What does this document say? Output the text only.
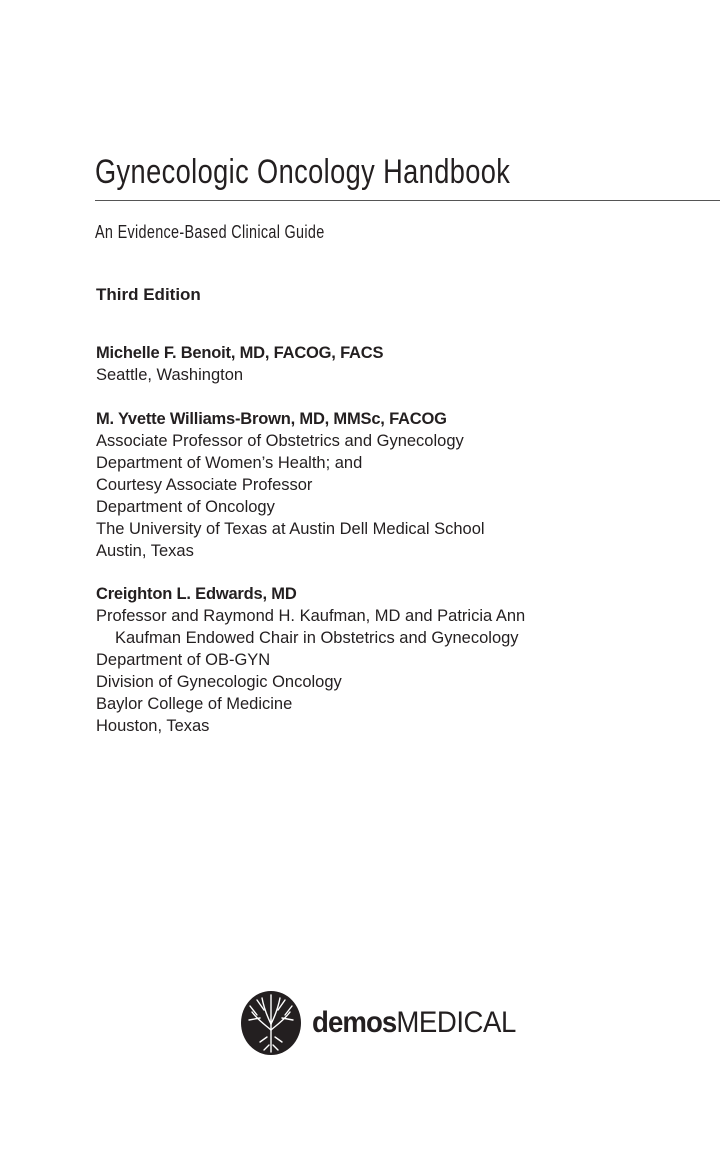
Gynecologic Oncology Handbook

An Evidence-Based Clinical Guide

Third Edition

Michelle F. Benoit, MD, FACOG, FACS
Seattle, Washington
M. Yvette Williams-Brown, MD, MMSc, FACOG
Associate Professor of Obstetrics and Gynecology
Department of Women’s Health; and
Courtesy Associate Professor
Department of Oncology
The University of Texas at Austin Dell Medical School
Austin, Texas
Creighton L. Edwards, MD
Professor and Raymond H. Kaufman, MD and Patricia Ann
Kaufman Endowed Chair in Obstetrics and Gynecology
Department of OB-GYN
Division of Gynecologic Oncology
Baylor College of Medicine
Houston, Texas
demosMEDICAL
